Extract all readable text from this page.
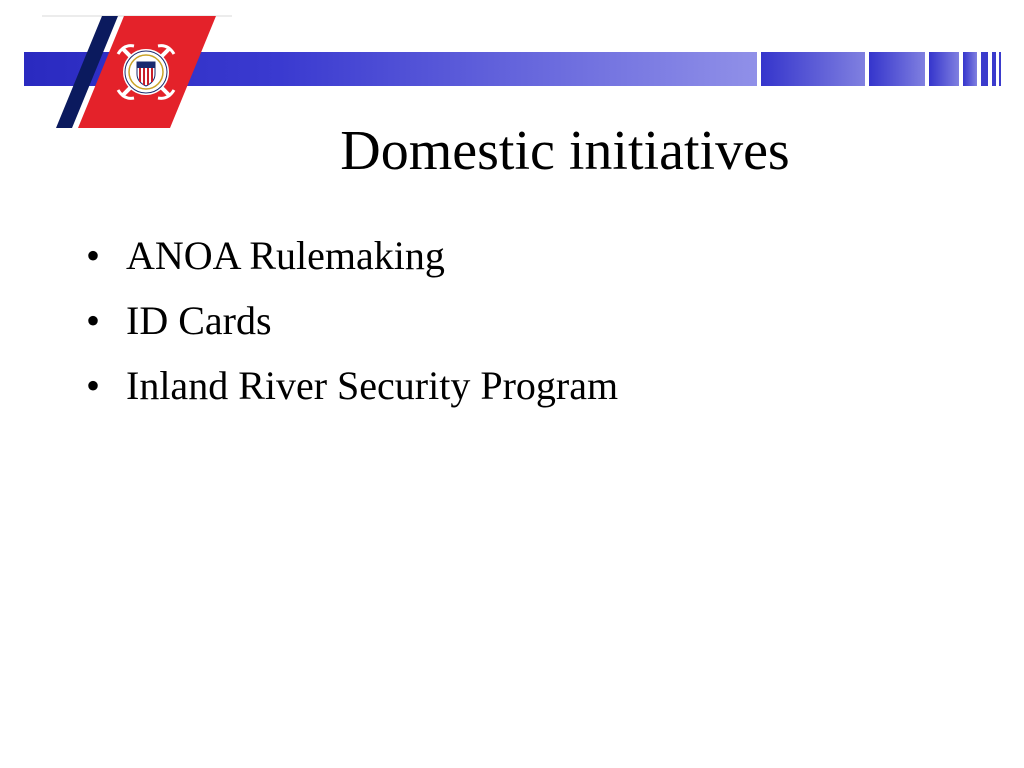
Domestic initiatives
• ANOA Rulemaking
• ID Cards
• Inland River Security Program
